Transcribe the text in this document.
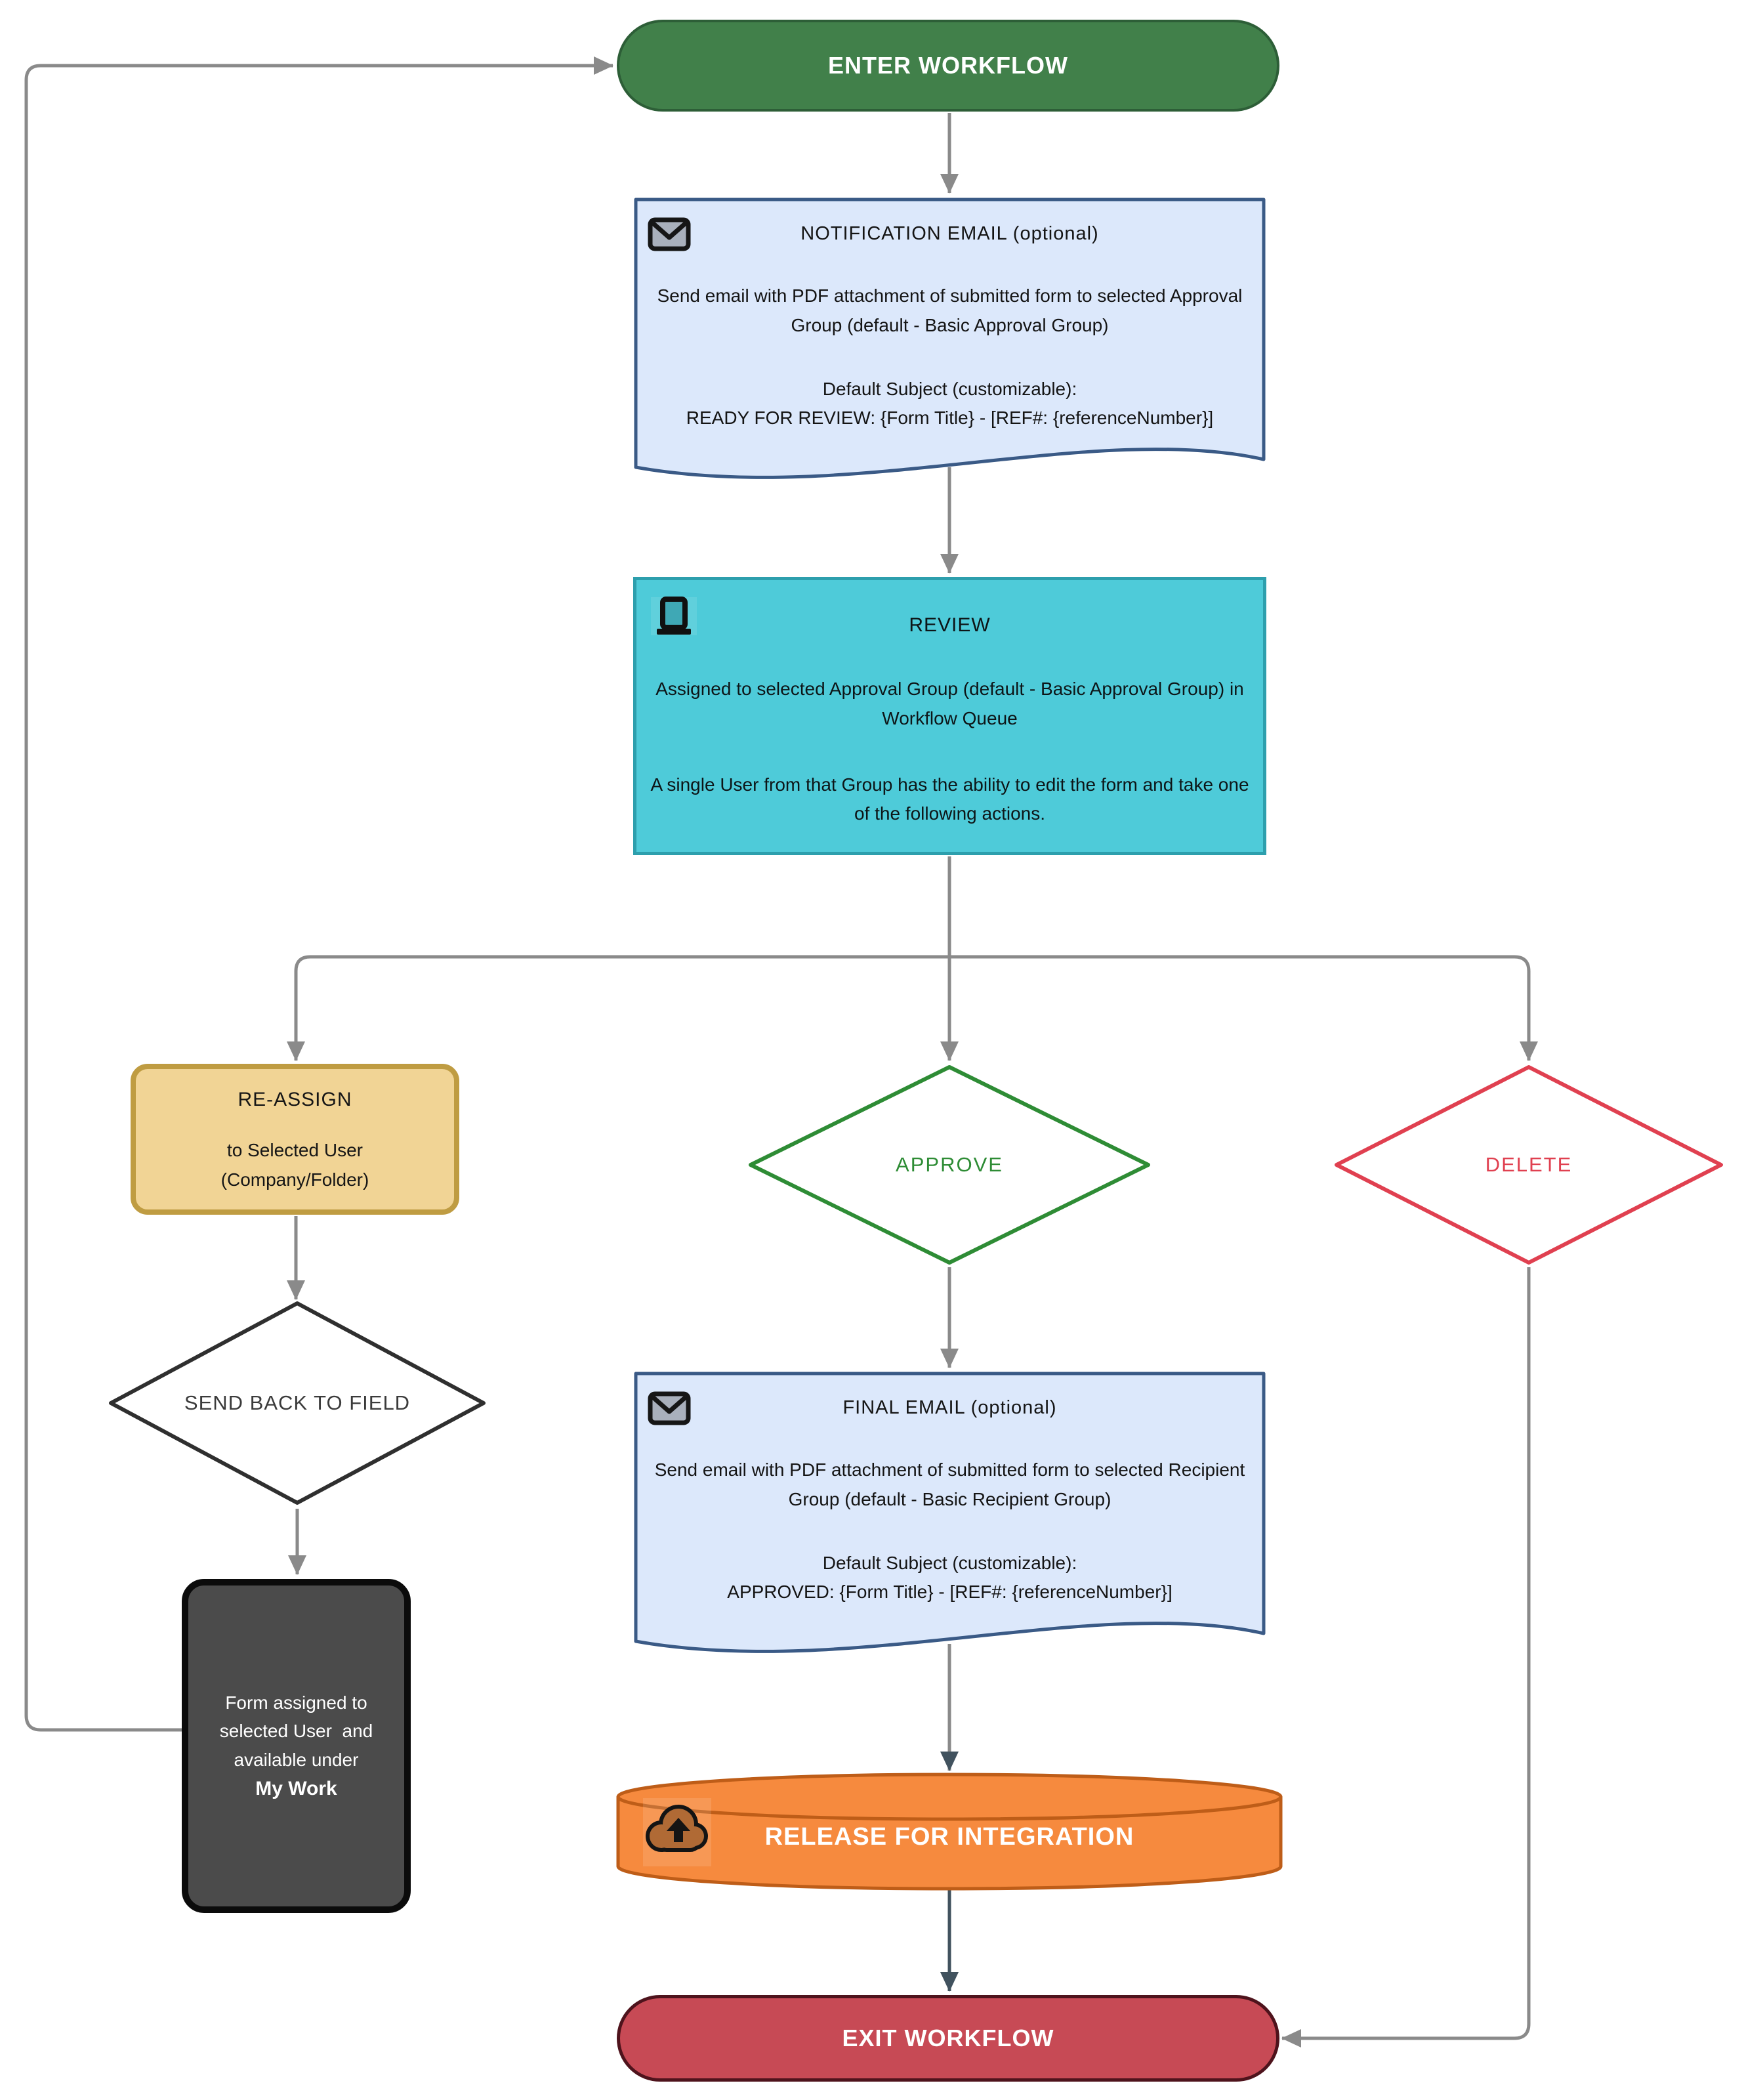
ENTER WORKFLOW
NOTIFICATION EMAIL (optional)
Send email with PDF attachment of submitted form to selected Approval Group (default - Basic Approval Group)
Default Subject (customizable):
READY FOR REVIEW: {Form Title} - [REF#: {referenceNumber}]
REVIEW
Assigned to selected Approval Group (default - Basic Approval Group) in Workflow Queue
A single User from that Group has the ability to edit the form and take one of the following actions.
RE-ASSIGN
to Selected User
(Company/Folder)
APPROVE	DELETE
SEND BACK TO FIELD
Form assigned to
selected User  and
available under
My Work
FINAL EMAIL (optional)
Send email with PDF attachment of submitted form to selected Recipient Group (default - Basic Recipient Group)
Default Subject (customizable):
APPROVED: {Form Title} - [REF#: {referenceNumber}]
RELEASE FOR INTEGRATION
EXIT WORKFLOW
